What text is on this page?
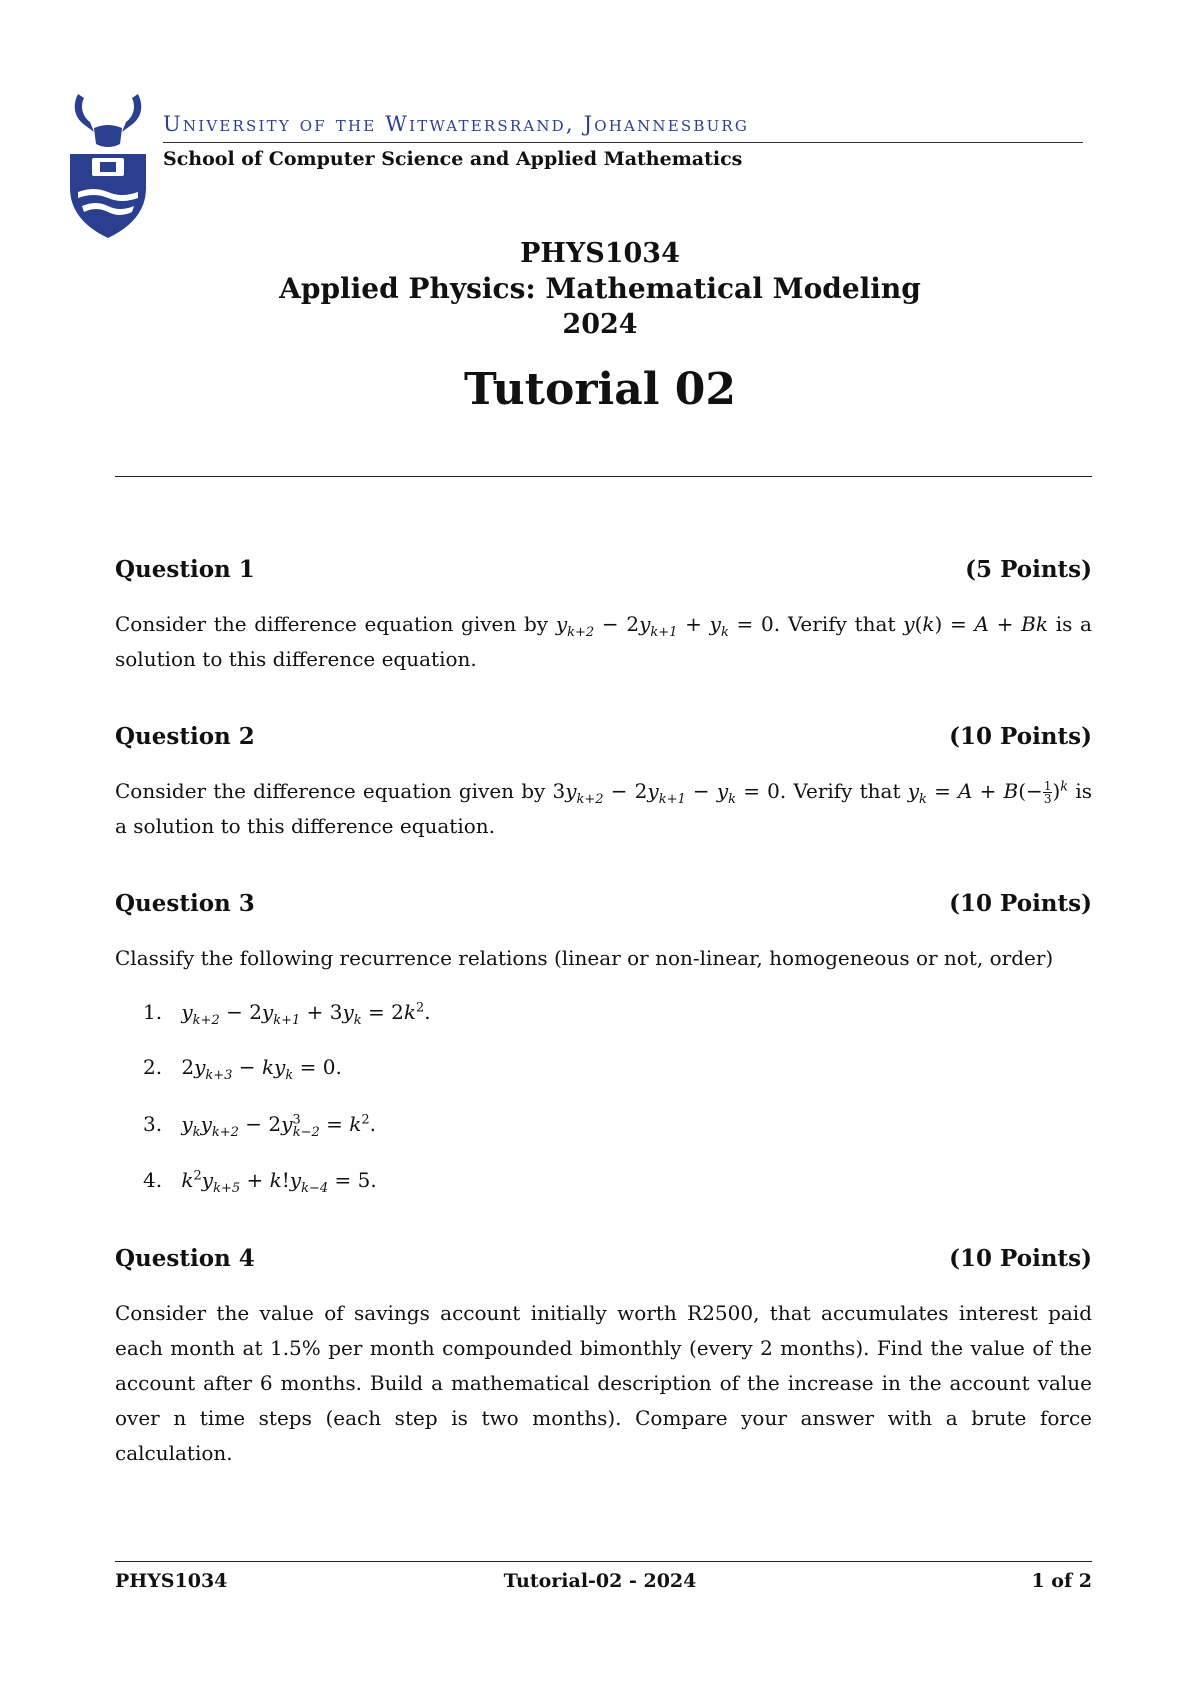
University of the Witwatersrand, Johannesburg
School of Computer Science and Applied Mathematics
PHYS1034
Applied Physics: Mathematical Modeling
2024
Tutorial 02
Question 1	(5 Points)
Consider the difference equation given by $y_{k+2} - 2y_{k+1} + y_k = 0$. Verify that y(k) = A + Bk is a solution to this difference equation.
Question 2	(10 Points)
Consider the difference equation given by $3y_{k+2} - 2y_{k+1} - y_k = 0$. Verify that $y_k = A + B(- \frac{1}{3} )^k$ is a solution to this difference equation.
Question 3	(10 Points)
Classify the following recurrence relations (linear or non-linear, homogeneous or not, order)
1. $y_{k+2} - 2y_{k+1} + 3y_k = 2k^2$.
2. $2y_{k+3} - ky_k = 0$.
3. $y_ky_{k+2} - 2y^3_{k-2} = k^2$.
4. $k^2y_{k+5} + k!y_{k-4} = 5$.
Question 4	(10 Points)
Consider the value of savings account initially worth R2500, that accumulates interest paid each month at 1.5% per month compounded bimonthly (every 2 months). Find the value of the account after 6 months. Build a mathematical description of the increase in the account value over n time steps (each step is two months). Compare your answer with a brute force calculation.
PHYS1034	Tutorial-02 - 2024	1 of 2
